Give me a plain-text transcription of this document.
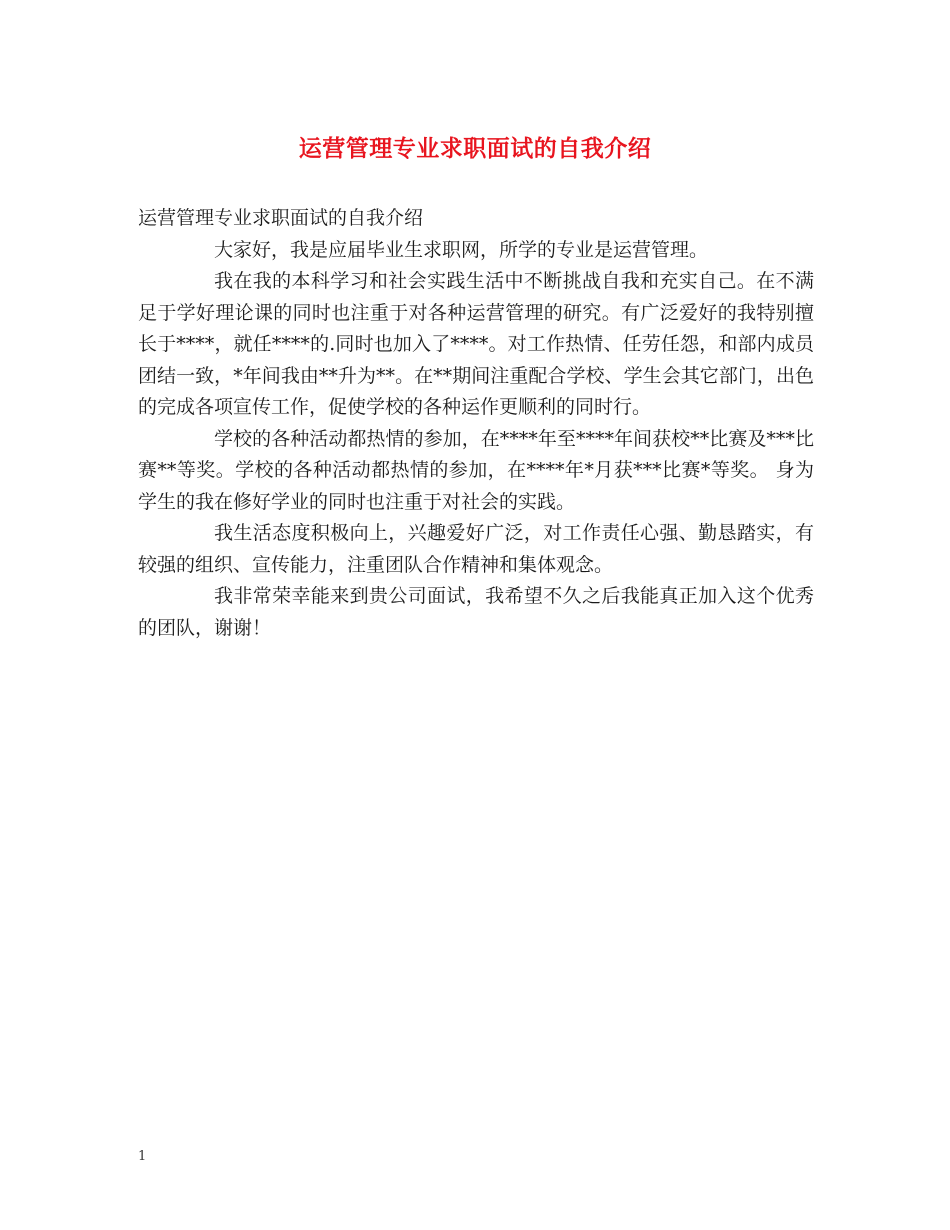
运营管理专业求职面试的自我介绍

运营管理专业求职面试的自我介绍

大家好，我是应届毕业生求职网，所学的专业是运营管理。

我在我的本科学习和社会实践生活中不断挑战自我和充实自己。在不满足于学好理论课的同时也注重于对各种运营管理的研究。有广泛爱好的我特别擅长于****，就任****的.同时也加入了****。对工作热情、任劳任怨，和部内成员团结一致，*年间我由**升为**。在**期间注重配合学校、学生会其它部门，出色的完成各项宣传工作，促使学校的各种运作更顺利的同时行。

学校的各种活动都热情的参加，在****年至****年间获校**比赛及***比赛**等奖。学校的各种活动都热情的参加，在****年*月获***比赛*等奖。 身为学生的我在修好学业的同时也注重于对社会的实践。

我生活态度积极向上，兴趣爱好广泛，对工作责任心强、勤恳踏实，有较强的组织、宣传能力，注重团队合作精神和集体观念。

我非常荣幸能来到贵公司面试，我希望不久之后我能真正加入这个优秀的团队，谢谢！

1
